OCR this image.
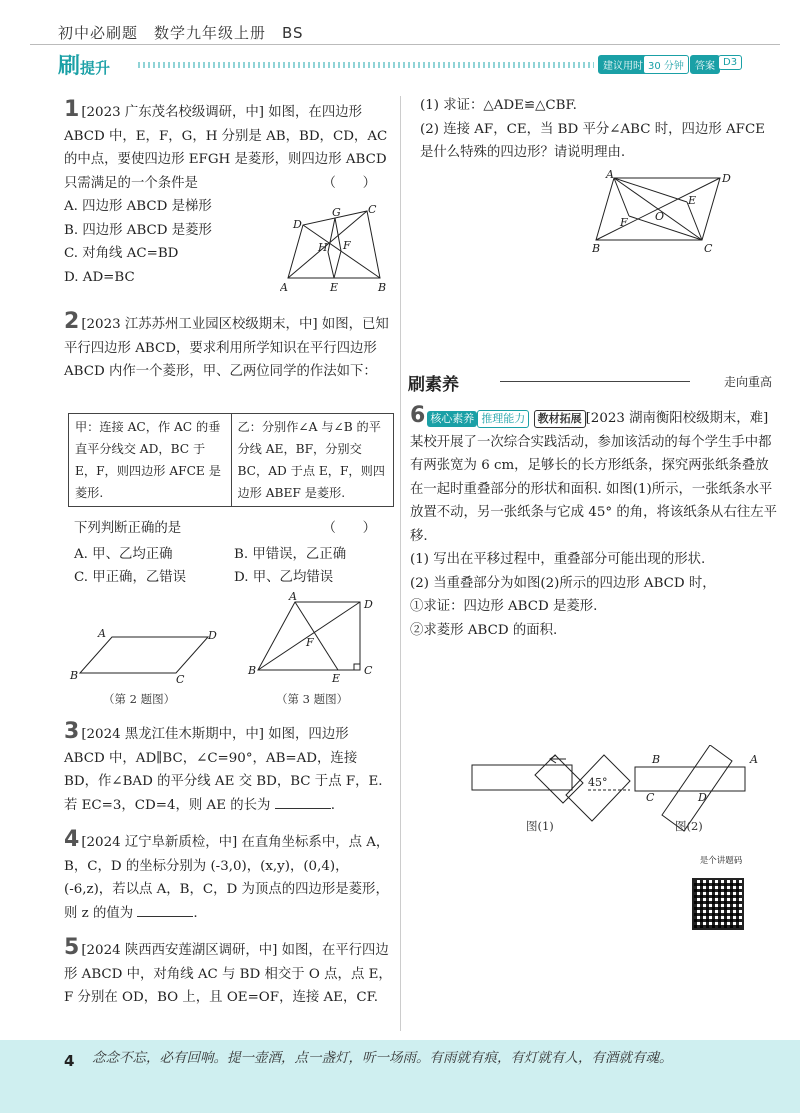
初中必刷题　数学九年级上册　BS
刷提升	建议用时 30 分钟	答案 D3

1 [2023 广东茂名校级调研，中] 如图，在四边形 ABCD 中，E，F，G，H 分别是 AB，BD，CD，AC 的中点，要使四边形 EFGH 是菱形，则四边形 ABCD 只需满足的一个条件是	（　　）

A. 四边形 ABCD 是梯形

B. 四边形 ABCD 是菱形

C. 对角线 AC=BD

D. AD=BC

A	E	B
C
G
D
H F

2 [2023 江苏苏州工业园区校级期末，中] 如图，已知平行四边形 ABCD，要求利用所学知识在平行四边形 ABCD 内作一个菱形，甲、乙两位同学的作法如下：

甲：连接 AC，作 AC 的垂直平分线交 AD，BC 于 E，F，则四边形 AFCE 是菱形.	乙：分别作∠A 与∠B 的平分线 AE，BF，分别交 BC，AD 于点 E，F，则四边形 ABEF 是菱形.

下列判断正确的是	（　　）

A. 甲、乙均正确	B. 甲错误，乙正确

C. 甲正确，乙错误	D. 甲、乙均错误

A	D
B	C
A
D
B
E
C
F
（第 2 题图）	（第 3 题图）

3 [2024 黑龙江佳木斯期中，中] 如图，四边形 ABCD 中，AD∥BC，∠C=90°，AB=AD，连接 BD，作∠BAD 的平分线 AE 交 BD，BC 于点 F，E. 若 EC=3，CD=4，则 AE 的长为	.

4 [2024 辽宁阜新质检，中] 在直角坐标系中，点 A，B，C，D 的坐标分别为 (-3,0)，(x,y)，(0,4)，(-6,z)，若以点 A，B，C，D 为顶点的四边形是菱形，则 z 的值为	.

5 [2024 陕西西安莲湖区调研，中] 如图，在平行四边形 ABCD 中，对角线 AC 与 BD 相交于 O 点，点 E，F 分别在 OD，BO 上，且 OE=OF，连接 AE，CF.

(1) 求证：△ADE≌△CBF.

(2) 连接 AF，CE，当 BD 平分∠ABC 时，四边形 AFCE 是什么特殊的四边形？请说明理由.

A	D
B	C
E
F O
刷素养	走向重高

6 核心素养 推理能力 教材拓展 [2023 湖南衡阳校级期末，难] 某校开展了一次综合实践活动，参加该活动的每个学生手中都有两张宽为 6 cm，足够长的长方形纸条，探究两张纸条叠放在一起时重叠部分的形状和面积. 如图(1)所示，一张纸条水平放置不动，另一张纸条与它成 45° 的角，将该纸条从右往左平移.

(1) 写出在平移过程中，重叠部分可能出现的形状.

(2) 当重叠部分为如图(2)所示的四边形 ABCD 时，

①求证：四边形 ABCD 是菱形.

②求菱形 ABCD 的面积.

45°
B	A
C	D
图(1)	图(2)
是个讲题码
4 念念不忘，必有回响。提一壶酒，点一盏灯，听一场雨。有雨就有痕，有灯就有人，有酒就有魂。
